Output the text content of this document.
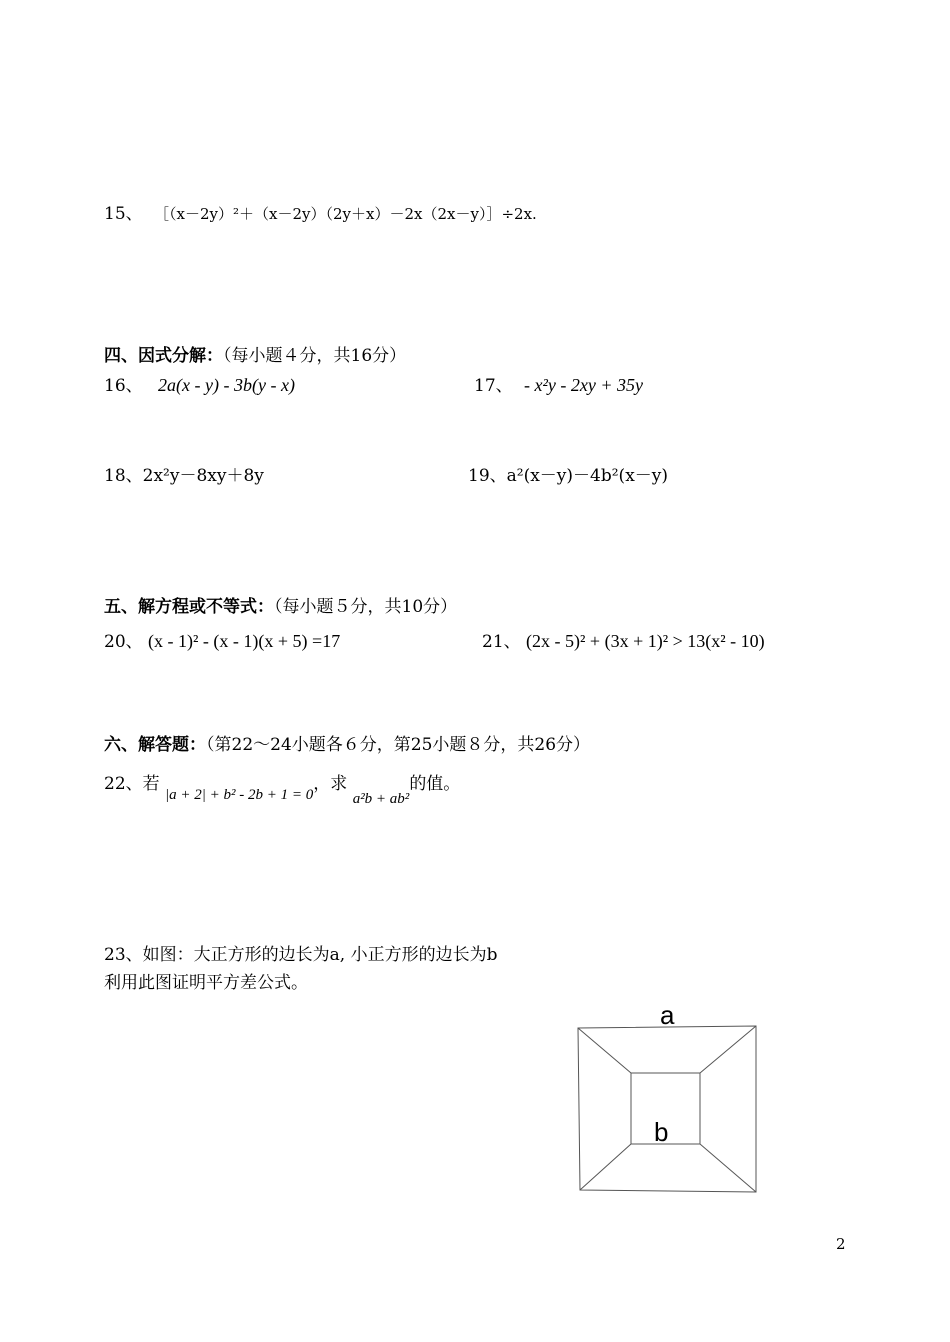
15、 ［（x－2y）²＋（x－2y）（2y＋x）－2x（2x－y）］÷2x.
四、因式分解：（每小题４分，共16分）
16、 2a(x - y) - 3b(y - x)	17、 - x²y - 2xy + 35y
18、2x²y－8xy＋8y	19、a²(x－y)－4b²(x－y)
五、解方程或不等式：（每小题５分，共10分）
20、 (x - 1)² - (x - 1)(x + 5) =17	21、 (2x - 5)² + (3x + 1)² > 13(x² - 10)
六、解答题：（第22～24小题各６分，第25小题８分，共26分）
22、若 |a + 2| + b² - 2b + 1 = 0，求 a²b + ab²的值。
23、如图：大正方形的边长为a, 小正方形的边长为b
利用此图证明平方差公式。
a
b
2
